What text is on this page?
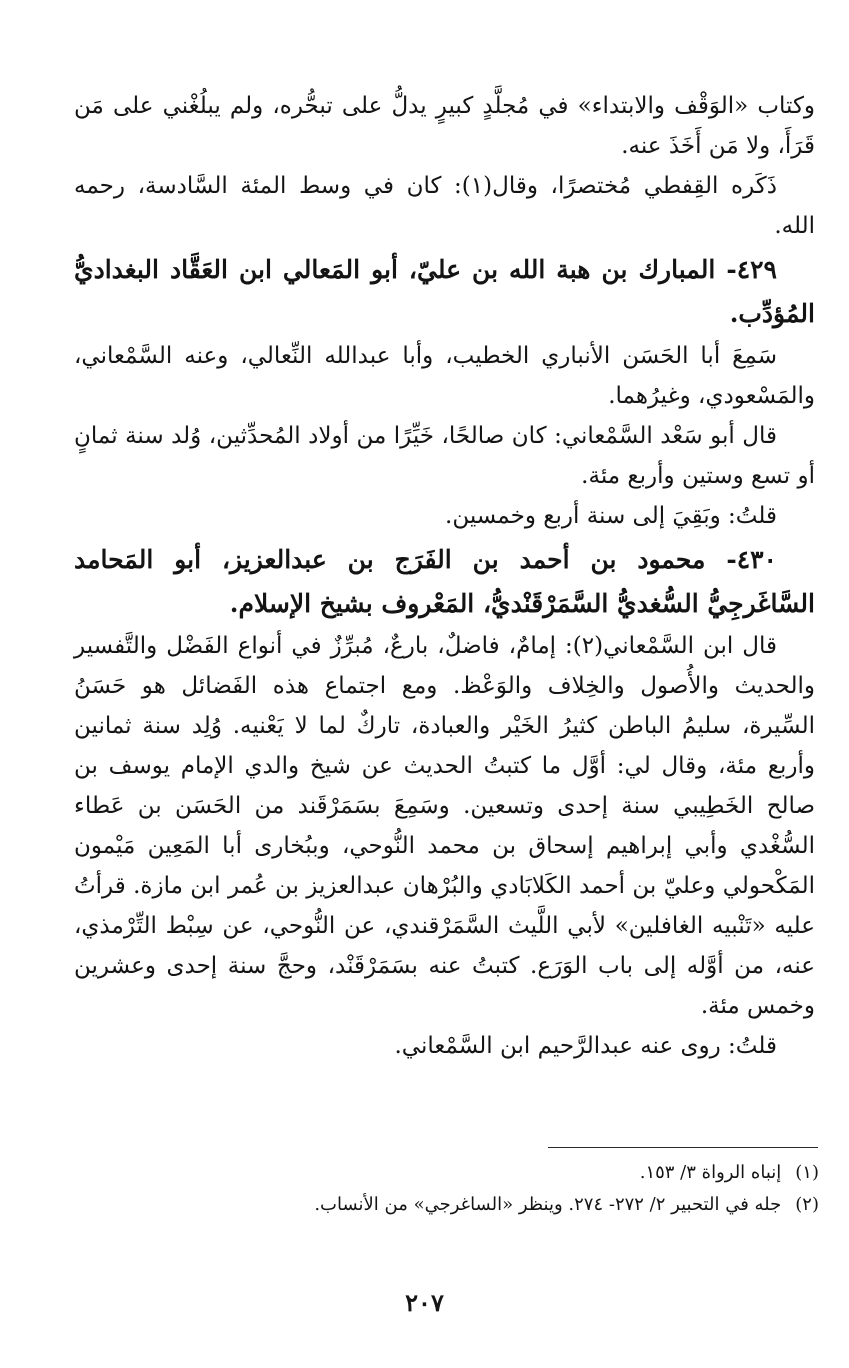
وكتاب «الوَقْف والابتداء» في مُجلَّدٍ كبيرٍ يدلُّ على تبحُّره، ولم يبلُغْني على مَن قَرَأَ، ولا مَن أَخَذَ عنه.

ذَكَره القِفطي مُختصرًا، وقال(١): كان في وسط المئة السَّادسة، رحمه الله.

٤٢٩- المبارك بن هبة الله بن عليّ، أبو المَعالي ابن العَقَّاد البغداديُّ المُؤدِّب.

سَمِعَ أبا الحَسَن الأنباري الخطيب، وأبا عبدالله النِّعالي، وعنه السَّمْعاني، والمَسْعودي، وغيرُهما.

قال أبو سَعْد السَّمْعاني: كان صالحًا، خَيِّرًا من أولاد المُحدِّثين، وُلد سنة ثمانٍ أو تسع وستين وأربع مئة.

قلتُ: وبَقِيَ إلى سنة أربع وخمسين.

٤٣٠- محمود بن أحمد بن الفَرَج بن عبدالعزيز، أبو المَحامد السَّاغَرجِيُّ السُّغديُّ السَّمَرْقَنْديُّ، المَعْروف بشيخ الإسلام.

قال ابن السَّمْعاني(٢): إمامٌ، فاضلٌ، بارعٌ، مُبرِّزٌ في أنواع الفَضْل والتَّفسير والحديث والأُصول والخِلاف والوَعْظ. ومع اجتماع هذه الفَضائل هو حَسَنُ السِّيرة، سليمُ الباطن كثيرُ الخَيْر والعبادة، تاركٌ لما لا يَعْنيه. وُلِد سنة ثمانين وأربع مئة، وقال لي: أوَّل ما كتبتُ الحديث عن شيخ والدي الإمام يوسف بن صالح الخَطِيبي سنة إحدى وتسعين. وسَمِعَ بسَمَرْقَند من الحَسَن بن عَطاء السُّغْدي وأبي إبراهيم إسحاق بن محمد النُّوحي، وببُخارى أبا المَعِين مَيْمون المَكْحولي وعليّ بن أحمد الكَلابَادي والبُرْهان عبدالعزيز بن عُمر ابن مازة. قرأتُ عليه «تَنْبيه الغافلين» لأبي اللَّيث السَّمَرْقندي، عن النُّوحي، عن سِبْط التِّرْمذي، عنه، من أوَّله إلى باب الوَرَع. كتبتُ عنه بسَمَرْقَنْد، وحجَّ سنة إحدى وعشرين وخمس مئة.

قلتُ: روى عنه عبدالرَّحيم ابن السَّمْعاني.

(١)إنباه الرواة ٣/ ١٥٣.

(٢)جله في التحبير ٢/ ٢٧٢- ٢٧٤. وينظر «الساغرجي» من الأنساب.

٢٠٧
